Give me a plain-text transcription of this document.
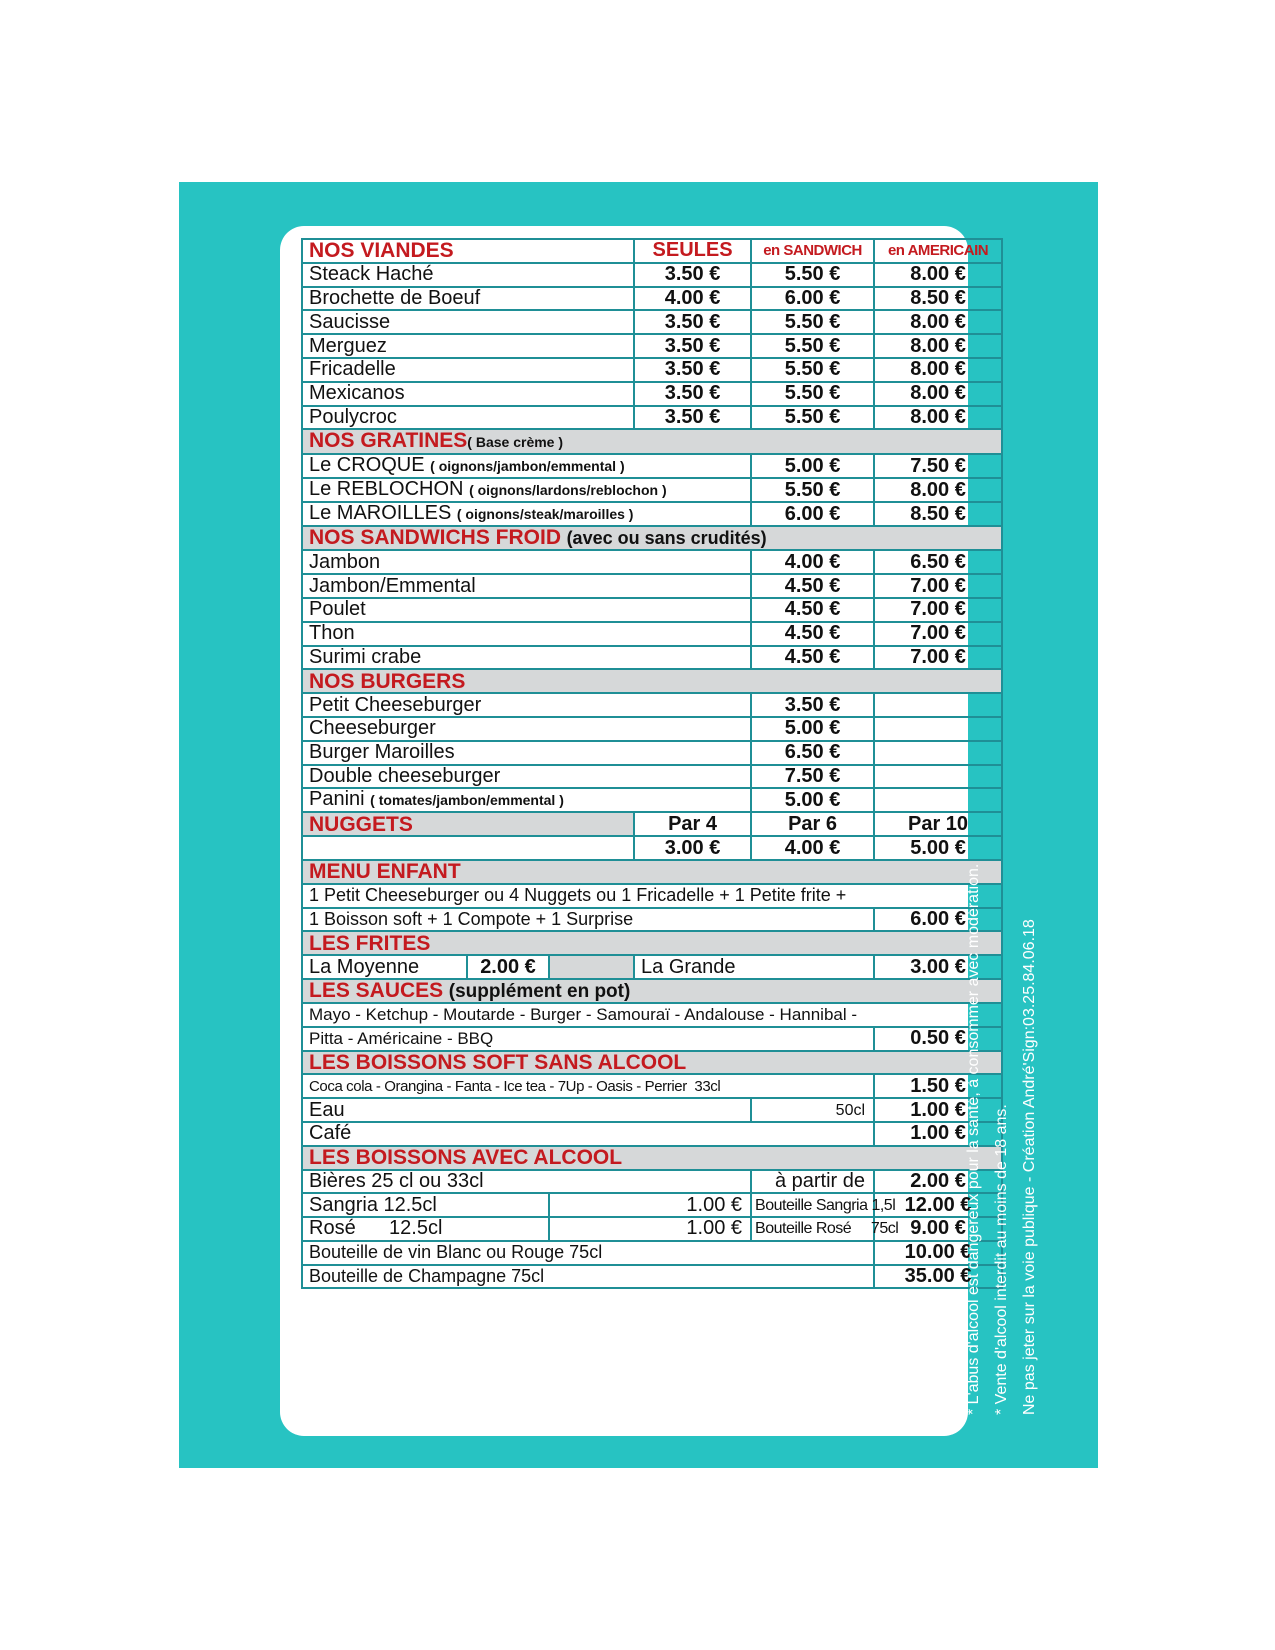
NOS VIANDES			SEULES	en SANDWICH	en AMERICAIN
Steack Haché			3.50 €	5.50 €	8.00 €
Brochette de Boeuf			4.00 €	6.00 €	8.50 €
Saucisse			3.50 €	5.50 €	8.00 €
Merguez			3.50 €	5.50 €	8.00 €
Fricadelle			3.50 €	5.50 €	8.00 €
Mexicanos			3.50 €	5.50 €	8.00 €
Poulycroc			3.50 €	5.50 €	8.00 €
NOS GRATINES( Base crème )					
Le CROQUE ( oignons/jambon/emmental )				5.00 €	7.50 €
Le REBLOCHON ( oignons/lardons/reblochon )				5.50 €	8.00 €
Le MAROILLES ( oignons/steak/maroilles )				6.00 €	8.50 €
NOS SANDWICHS FROID (avec ou sans crudités)					
Jambon				4.00 €	6.50 €
Jambon/Emmental				4.50 €	7.00 €
Poulet				4.50 €	7.00 €
Thon				4.50 €	7.00 €
Surimi crabe				4.50 €	7.00 €
NOS BURGERS					
Petit Cheeseburger				3.50 €	
Cheeseburger				5.00 €	
Burger Maroilles				6.50 €	
Double cheeseburger				7.50 €	
Panini ( tomates/jambon/emmental )				5.00 €	
NUGGETS			Par 4	Par 6	Par 10
			3.00 €	4.00 €	5.00 €
MENU ENFANT					
1 Petit Cheeseburger ou 4 Nuggets ou 1 Fricadelle + 1 Petite frite +					
1 Boisson soft + 1 Compote + 1 Surprise					6.00 €
LES FRITES					
La Moyenne	2.00 €		La Grande		3.00 €
LES SAUCES (supplément en pot)					
Mayo - Ketchup - Moutarde - Burger - Samouraï - Andalouse - Hannibal -					
Pitta - Américaine - BBQ					0.50 €
LES BOISSONS SOFT SANS ALCOOL					
Coca cola - Orangina - Fanta - Ice tea - 7Up - Oasis - Perrier 33cl					1.50 €
Eau				50cl	1.00 €
Café					1.00 €
LES BOISSONS AVEC ALCOOL					
Bières 25 cl ou 33cl				à partir de	2.00 €
Sangria 12.5cl		1.00 €		Bouteille Sangria 1,5l	12.00 €
Rosé      12.5cl		1.00 €		Bouteille Rosé     75cl	9.00 €
Bouteille de vin Blanc ou Rouge 75cl					10.00 €
Bouteille de Champagne 75cl					35.00 €
* L'abus d'alcool est dangereux pour la santé, à consommer avec modération. * Vente d'alcool interdit au moins de 18 ans. Ne pas jeter sur la voie publique - Création André'Sign:03.25.84.06.18
